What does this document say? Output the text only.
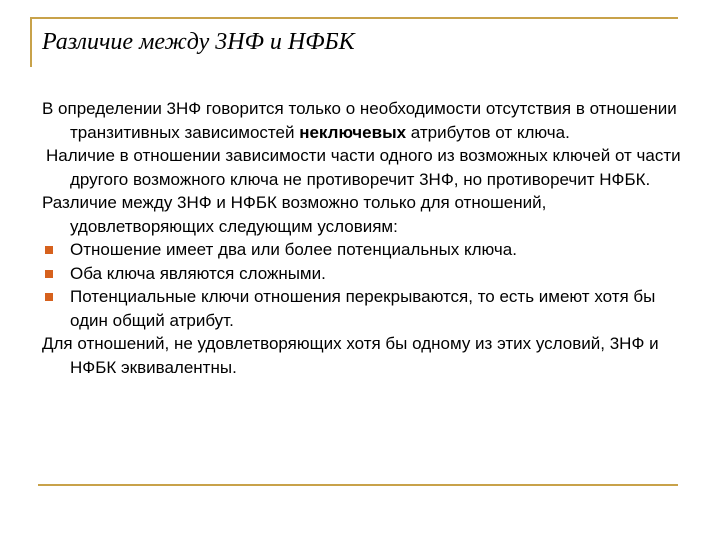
Различие между 3НФ и НФБК

В определении 3НФ говорится только о необходимости отсутствия в отношении транзитивных зависимостей неключевых атрибутов от ключа.

Наличие в отношении зависимости части одного из возможных ключей от части другого возможного ключа не противоречит 3НФ, но противоречит НФБК.

Различие между 3НФ и НФБК возможно только для отношений, удовлетворяющих следующим условиям:

Отношение имеет два или более потенциальных ключа.

Оба ключа являются сложными.

Потенциальные ключи отношения перекрываются, то есть имеют хотя бы один общий атрибут.

Для отношений, не удовлетворяющих хотя бы одному из этих условий, 3НФ и НФБК эквивалентны.
